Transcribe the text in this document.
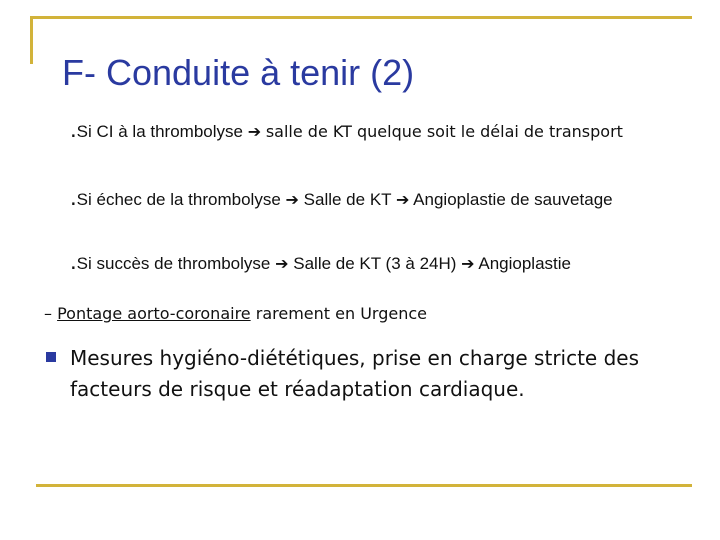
F- Conduite à tenir (2)
.Si CI à la thrombolyse ➔ salle de KT quelque soit le délai de transport
.Si échec de la thrombolyse ➔ Salle de KT ➔ Angioplastie de sauvetage
.Si succès de thrombolyse ➔ Salle de KT (3 à 24H) ➔ Angioplastie
– Pontage aorto-coronaire rarement en Urgence
Mesures hygiéno-diététiques, prise en charge stricte des facteurs de risque et réadaptation cardiaque.
